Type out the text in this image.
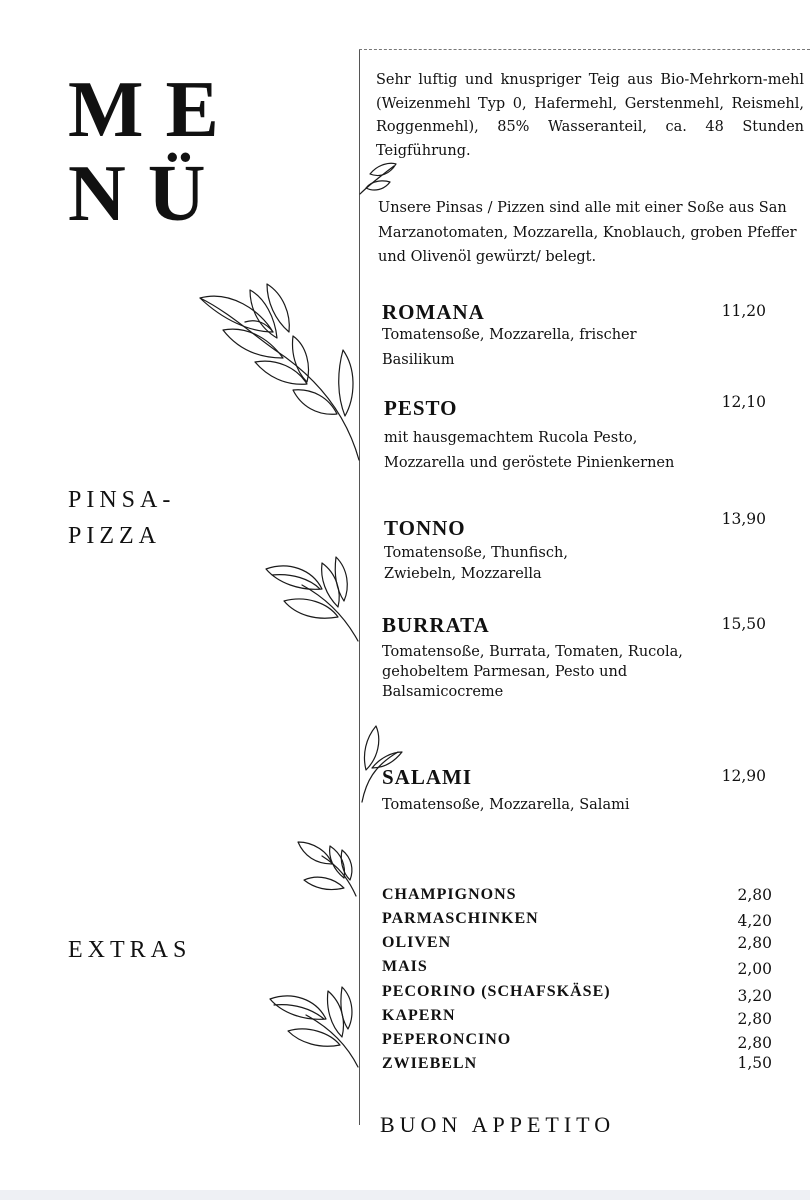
ME
NÜ
PINSA-
PIZZA
EXTRAS

Sehr luftig und knuspriger Teig aus Bio-Mehrkorn-mehl (Weizenmehl Typ 0, Hafermehl, Gerstenmehl, Reismehl, Roggenmehl), 85% Wasseranteil, ca. 48 Stunden Teigführung.

Unsere Pinsas / Pizzen sind alle mit einer Soße aus San Marzanotomaten, Mozzarella, Knoblauch, groben Pfeffer und Olivenöl gewürzt/ belegt.

ROMANA	11,20
Tomatensoße, Mozzarella, frischer Basilikum
PESTO	12,10
mit hausgemachtem Rucola Pesto, Mozzarella und geröstete Pinienkernen
TONNO	13,90
Tomatensoße, Thunfisch, Zwiebeln, Mozzarella
BURRATA	15,50
Tomatensoße, Burrata, Tomaten, Rucola, gehobeltem Parmesan, Pesto und Balsamicocreme
SALAMI	12,90
Tomatensoße, Mozzarella, Salami
CHAMPIGNONS	2,80
PARMASCHINKEN	4,20
OLIVEN	2,80
MAIS	2,00
PECORINO (SCHAFSKÄSE)	3,20
KAPERN	2,80
PEPERONCINO	2,80
ZWIEBELN	1,50
BUON APPETITO
